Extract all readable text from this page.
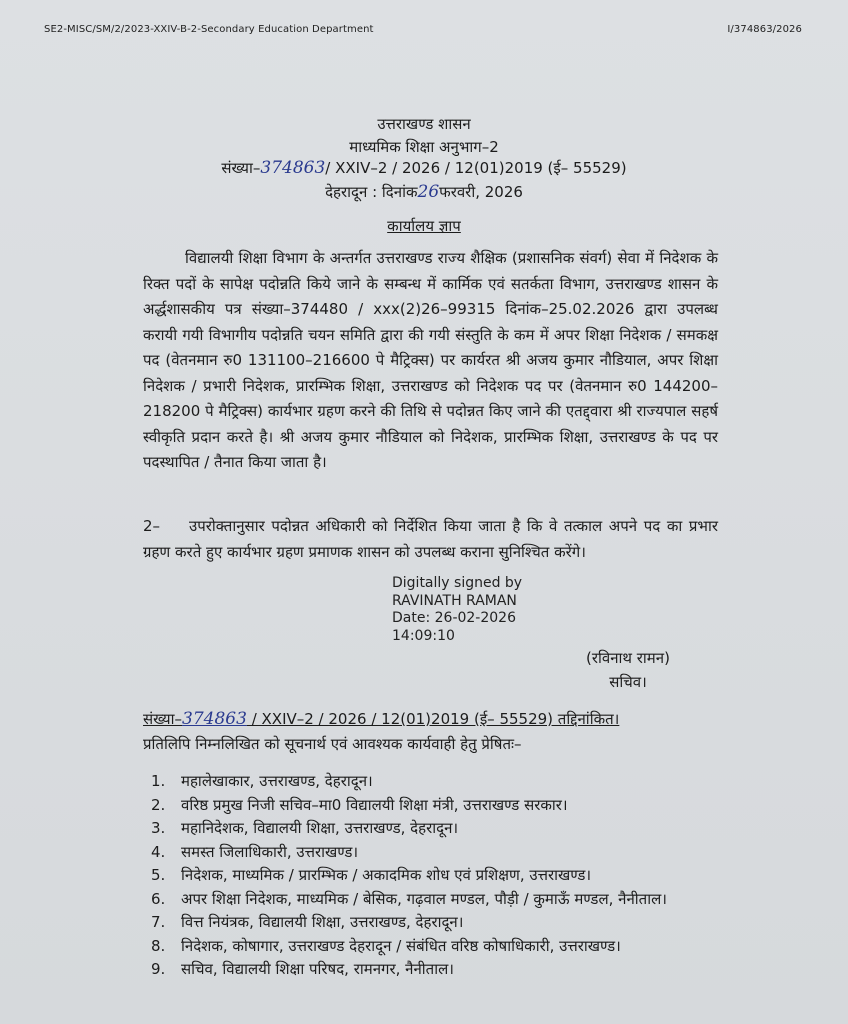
SE2-MISC/SM/2/2023-XXIV-B-2-Secondary Education Department	I/374863/2026
उत्तराखण्ड शासन
माध्यमिक शिक्षा अनुभाग–2
संख्या–374863/ XXIV–2 / 2026 / 12(01)2019 (ई– 55529)
देहरादून : दिनांक26फरवरी, 2026
कार्यालय ज्ञाप

विद्यालयी शिक्षा विभाग के अन्तर्गत उत्तराखण्ड राज्य शैक्षिक (प्रशासनिक संवर्ग) सेवा में निदेशक के रिक्त पदों के सापेक्ष पदोन्नति किये जाने के सम्बन्ध में कार्मिक एवं सतर्कता विभाग, उत्तराखण्ड शासन के अर्द्धशासकीय पत्र संख्या–374480 / xxx(2)26–99315 दिनांक–25.02.2026 द्वारा उपलब्ध करायी गयी विभागीय पदोन्नति चयन समिति द्वारा की गयी संस्तुति के कम में अपर शिक्षा निदेशक / समकक्ष पद (वेतनमान रु0 131100–216600 पे मैट्रिक्स) पर कार्यरत श्री अजय कुमार नौडियाल, अपर शिक्षा निदेशक / प्रभारी निदेशक, प्रारम्भिक शिक्षा, उत्तराखण्ड को निदेशक पद पर (वेतनमान रु0 144200–218200 पे मैट्रिक्स) कार्यभार ग्रहण करने की तिथि से पदोन्नत किए जाने की एतद्द्वारा श्री राज्यपाल सहर्ष स्वीकृति प्रदान करते है। श्री अजय कुमार नौडियाल को निदेशक, प्रारम्भिक शिक्षा, उत्तराखण्ड के पद पर पदस्थापित / तैनात किया जाता है।

2– उपरोक्तानुसार पदोन्नत अधिकारी को निर्देशित किया जाता है कि वे तत्काल अपने पद का प्रभार ग्रहण करते हुए कार्यभार ग्रहण प्रमाणक शासन को उपलब्ध कराना सुनिश्चित करेंगे।

Digitally signed by
RAVINATH RAMAN
Date: 26-02-2026
14:09:10
(रविनाथ रामन)
सचिव।
संख्या–374863 / XXIV–2 / 2026 / 12(01)2019 (ई– 55529) तद्दिनांकित।
प्रतिलिपि निम्नलिखित को सूचनार्थ एवं आवश्यक कार्यवाही हेतु प्रेषितः–
1.	महालेखाकार, उत्तराखण्ड, देहरादून।
2.	वरिष्ठ प्रमुख निजी सचिव–मा0 विद्यालयी शिक्षा मंत्री, उत्तराखण्ड सरकार।
3.	महानिदेशक, विद्यालयी शिक्षा, उत्तराखण्ड, देहरादून।
4.	समस्त जिलाधिकारी, उत्तराखण्ड।
5.	निदेशक, माध्यमिक / प्रारम्भिक / अकादमिक शोध एवं प्रशिक्षण, उत्तराखण्ड।
6.	अपर शिक्षा निदेशक, माध्यमिक / बेसिक, गढ़वाल मण्डल, पौड़ी / कुमाऊँ मण्डल, नैनीताल।
7.	वित्त नियंत्रक, विद्यालयी शिक्षा, उत्तराखण्ड, देहरादून।
8.	निदेशक, कोषागार, उत्तराखण्ड देहरादून / संबंधित वरिष्ठ कोषाधिकारी, उत्तराखण्ड।
9.	सचिव, विद्यालयी शिक्षा परिषद, रामनगर, नैनीताल।
